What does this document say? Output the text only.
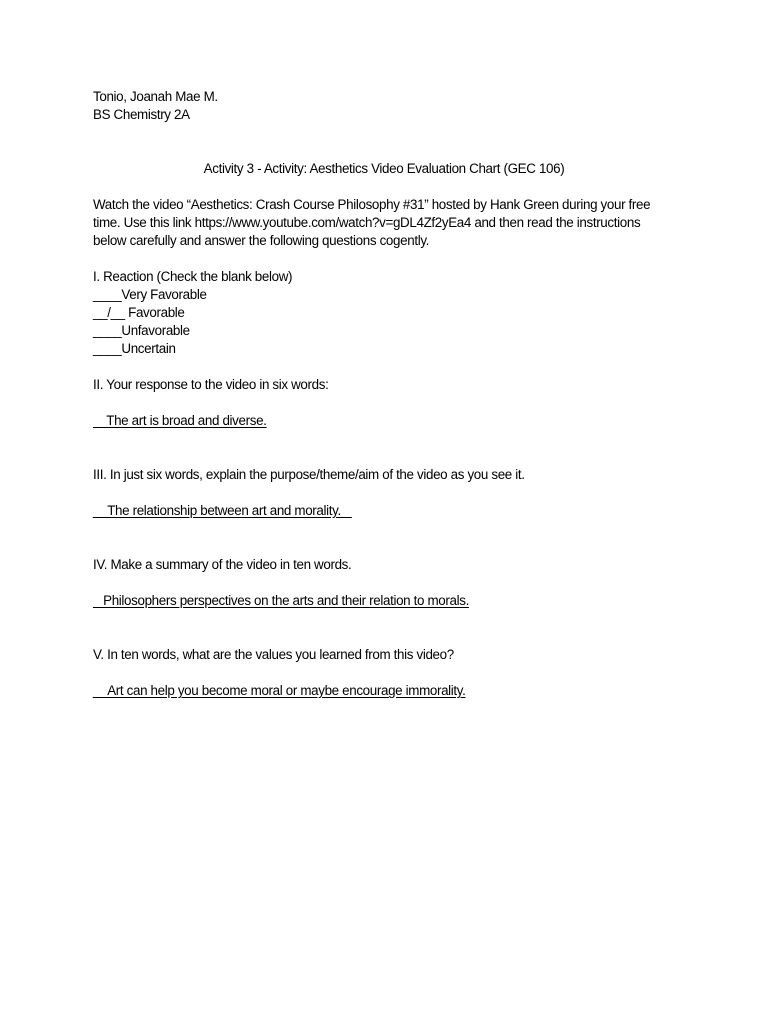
Tonio, Joanah Mae M.
BS Chemistry 2A
Activity 3 - Activity: Aesthetics Video Evaluation Chart (GEC 106)
Watch the video “Aesthetics: Crash Course Philosophy #31” hosted by Hank Green during your free
time. Use this link https://www.youtube.com/watch?v=gDL4Zf2yEa4 and then read the instructions
below carefully and answer the following questions cogently.
I. Reaction (Check the blank below)
____Very Favorable
__/__ Favorable
____Unfavorable
____Uncertain
II. Your response to the video in six words:
The art is broad and diverse.
III. In just six words, explain the purpose/theme/aim of the video as you see it.
__The relationship between art and morality. _
IV. Make a summary of the video in ten words.
Philosophers perspectives on the arts and their relation to morals.
V. In ten words, what are the values you learned from this video?
__Art can help you become moral or maybe encourage immorality.
